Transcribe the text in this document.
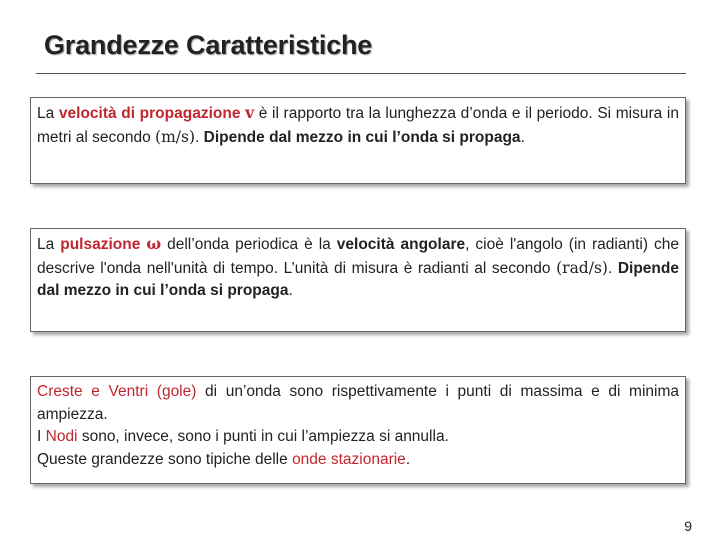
Grandezze Caratteristiche

La velocità di propagazione v è il rapporto tra la lunghezza d’onda e il periodo. Si misura in metri al secondo (m/s). Dipende dal mezzo in cui l’onda si propaga.

La pulsazione ω dell’onda periodica è la velocità angolare, cioè l'angolo (in radianti) che descrive l'onda nell'unità di tempo. L’unità di misura è radianti al secondo (rad/s). Dipende dal mezzo in cui l’onda si propaga.

Creste e Ventri (gole) di un’onda sono rispettivamente i punti di massima e di minima ampiezza.

I Nodi sono, invece, sono i punti in cui l’ampiezza si annulla.

Queste grandezze sono tipiche delle onde stazionarie.

9
